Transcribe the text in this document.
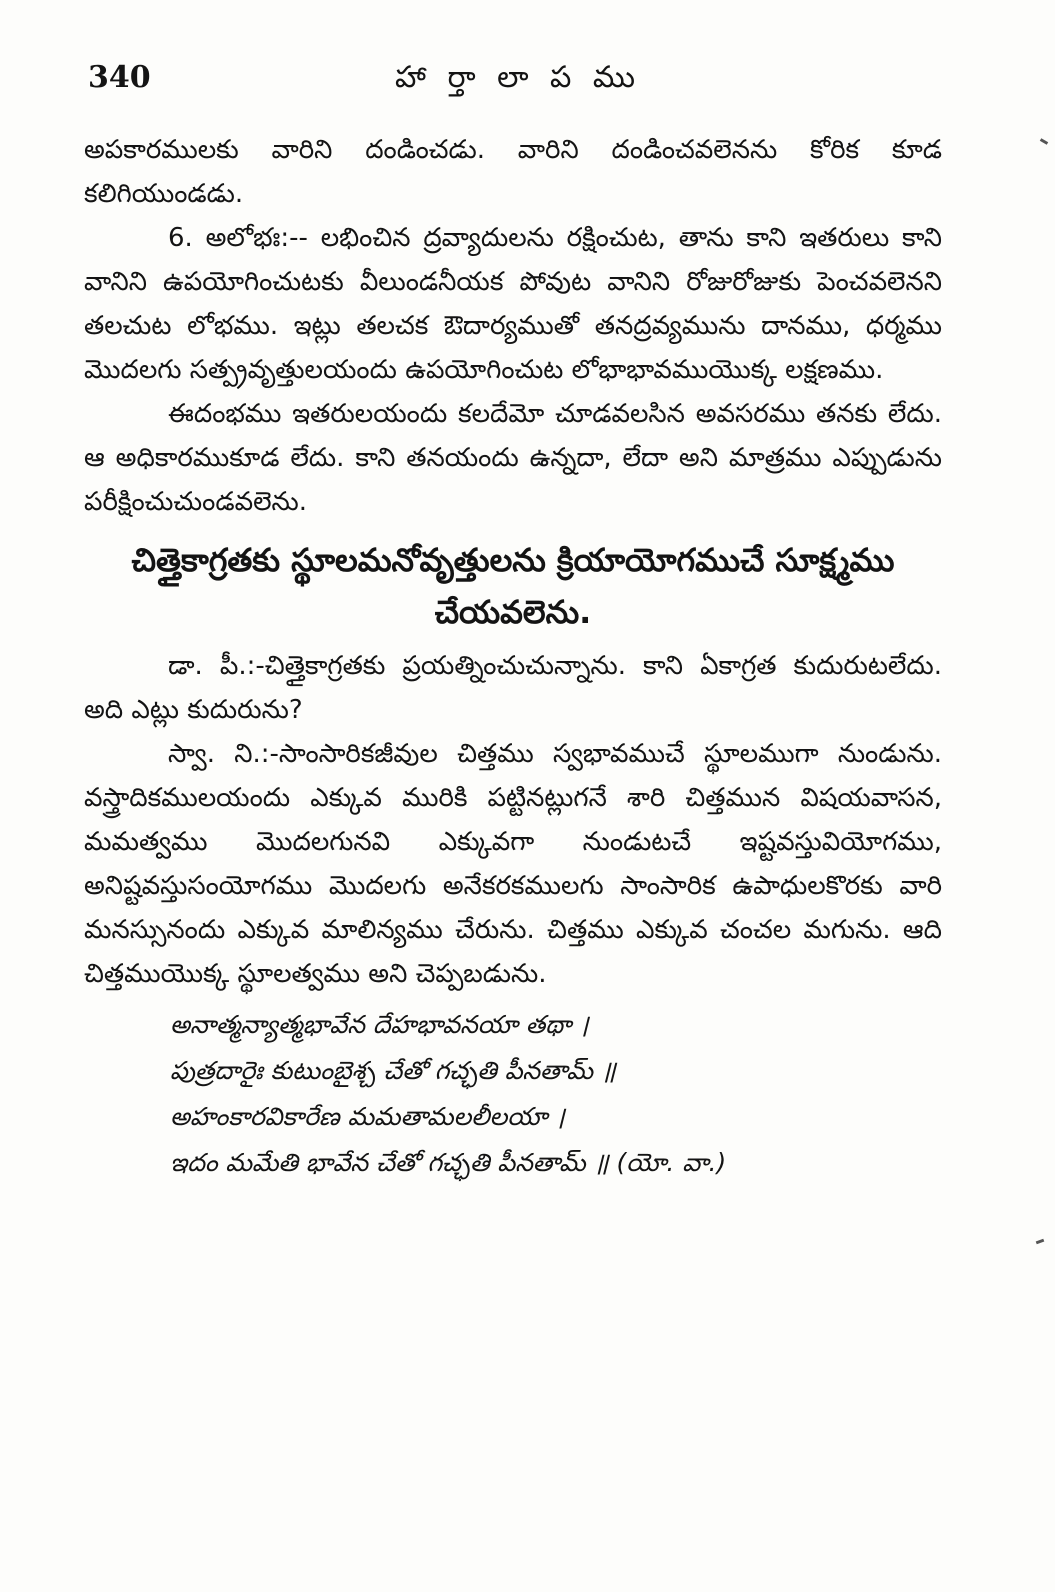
340	హా ర్తా లా ప ము

అపకారములకు వారిని దండించడు. వారిని దండించవలెనను కోరిక కూడ కలిగియుండడు.

6. అలోభః:-- లభించిన ద్రవ్యాదులను రక్షించుట, తాను కాని ఇతరులు కాని వానిని ఉపయోగించుటకు వీలుండనీయక పోవుట వానిని రోజురోజుకు పెంచవలెనని తలచుట లోభము. ఇట్లు తలచక ఔదార్యముతో తనద్రవ్యమును దానము, ధర్మము మొదలగు సత్ప్రవృత్తులయందు ఉపయోగించుట లోభాభావముయొక్క లక్షణము.

ఈదంభము ఇతరులయందు కలదేమో చూడవలసిన అవసరము తనకు లేదు. ఆ అధికారముకూడ లేదు. కాని తనయందు ఉన్నదా, లేదా అని మాత్రము ఎప్పుడును పరీక్షించుచుండవలెను.

చిత్తైకాగ్రతకు స్థూలమనోవృత్తులను క్రియాయోగముచే సూక్ష్మము చేయవలెను.

డా. పీ.:-చిత్తైకాగ్రతకు ప్రయత్నించుచున్నాను. కాని ఏకాగ్రత కుదురుటలేదు. అది ఎట్లు కుదురును?

స్వా. ని.:-సాంసారికజీవుల చిత్తము స్వభావముచే స్థూలముగా నుండును. వస్త్రాదికములయందు ఎక్కువ మురికి పట్టినట్లుగనే శారి చిత్తమున విషయవాసన, మమత్వము మొదలగునవి ఎక్కువగా నుండుటచే ఇష్టవస్తువియోగము, అనిష్టవస్తుసంయోగము మొదలగు అనేకరకములగు సాంసారిక ఉపాధులకొరకు వారి మనస్సునందు ఎక్కువ మాలిన్యము చేరును. చిత్తము ఎక్కువ చంచల మగును. ఆది చిత్తముయొక్క స్థూలత్వము అని చెప్పబడును.

అనాత్మన్యాత్మభావేన దేహభావనయా తథా ।
పుత్రదారైః కుటుంబైశ్చ చేతో గచ్ఛతి పీనతామ్ ॥
అహంకారవికారేణ మమతామలలీలయా ।
ఇదం మమేతి భావేన చేతో గచ్ఛతి పీనతామ్ ॥ (యో. వా.)
